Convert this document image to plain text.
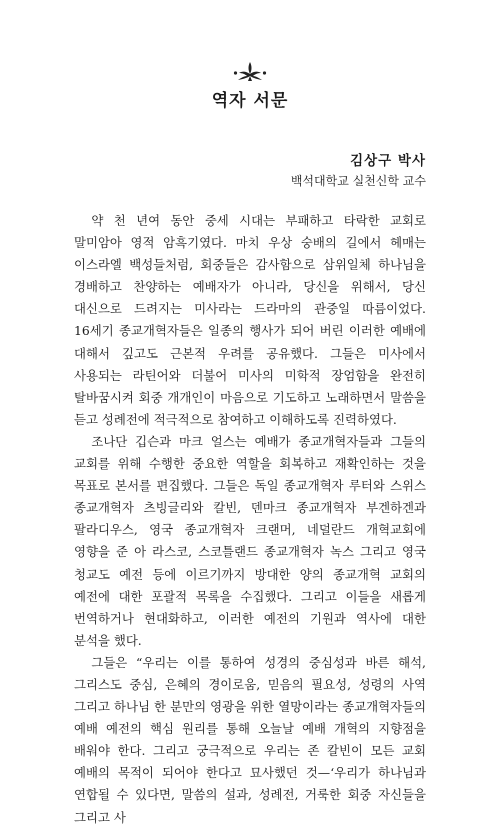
역자 서문
김상구 박사
백석대학교 실천신학 교수

약 천 년여 동안 중세 시대는 부패하고 타락한 교회로 말미암아 영적 암흑기였다. 마치 우상 숭배의 길에서 헤매는 이스라엘 백성들처럼, 회중들은 감사함으로 삼위일체 하나님을 경배하고 찬양하는 예배자가 아니라, 당신을 위해서, 당신 대신으로 드려지는 미사라는 드라마의 관중일 따름이었다. 16세기 종교개혁자들은 일종의 행사가 되어 버린 이러한 예배에 대해서 깊고도 근본적 우려를 공유했다. 그들은 미사에서 사용되는 라틴어와 더불어 미사의 미학적 장엄함을 완전히 탈바꿈시켜 회중 개개인이 마음으로 기도하고 노래하면서 말씀을 듣고 성례전에 적극적으로 참여하고 이해하도록 진력하였다.

조나단 깁슨과 마크 얼스는 예배가 종교개혁자들과 그들의 교회를 위해 수행한 중요한 역할을 회복하고 재확인하는 것을 목표로 본서를 편집했다. 그들은 독일 종교개혁자 루터와 스위스 종교개혁자 츠빙글리와 칼빈, 덴마크 종교개혁자 부겐하겐과 팔라디우스, 영국 종교개혁자 크랜머, 네덜란드 개혁교회에 영향을 준 아 라스코, 스코틀랜드 종교개혁자 녹스 그리고 영국 청교도 예전 등에 이르기까지 방대한 양의 종교개혁 교회의 예전에 대한 포괄적 목록을 수집했다. 그리고 이들을 새롭게 번역하거나 현대화하고, 이러한 예전의 기원과 역사에 대한 분석을 했다.

그들은 “우리는 이를 통하여 성경의 중심성과 바른 해석, 그리스도 중심, 은혜의 경이로움, 믿음의 필요성, 성령의 사역 그리고 하나님 한 분만의 영광을 위한 열망이라는 종교개혁자들의 예배 예전의 핵심 원리를 통해 오늘날 예배 개혁의 지향점을 배워야 한다. 그리고 궁극적으로 우리는 존 칼빈이 모든 교회 예배의 목적이 되어야 한다고 묘사했던 것—‘우리가 하나님과 연합될 수 있다면, 말씀의 설과, 성례전, 거룩한 회중 자신들을 그리고 사
